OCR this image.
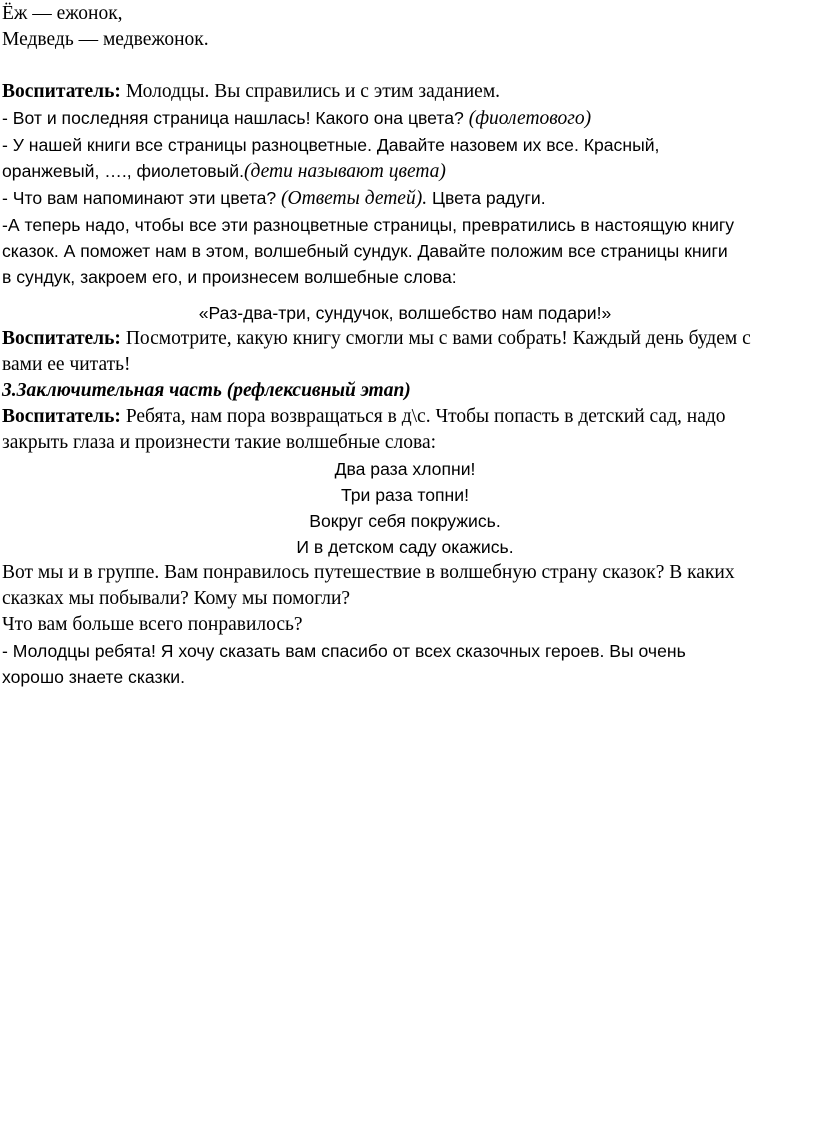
Ёж — ежонок,

Медведь — медвежонок.

Воспитатель: Молодцы. Вы справились и с этим заданием.

- Вот и последняя страница нашлась! Какого она цвета? (фиолетового)

- У нашей книги все страницы разноцветные. Давайте назовем их все. Красный,

оранжевый, …., фиолетовый.(дети называют цвета)

- Что вам напоминают эти цвета? (Ответы детей). Цвета радуги.

-А теперь надо, чтобы все эти разноцветные страницы, превратились в настоящую книгу

сказок. А поможет нам в этом, волшебный сундук. Давайте положим все страницы книги

в сундук, закроем его, и произнесем волшебные слова:

«Раз-два-три, сундучок, волшебство нам подари!»

Воспитатель: Посмотрите, какую книгу смогли мы с вами собрать! Каждый день будем с

вами ее читать!

3.Заключительная часть (рефлексивный этап)

Воспитатель: Ребята, нам пора возвращаться в д\с. Чтобы попасть в детский сад, надо

закрыть глаза и произнести такие волшебные слова:

Два раза хлопни!

Три раза топни!

Вокруг себя покружись.

И в детском саду окажись.

Вот мы и в группе. Вам понравилось путешествие в волшебную страну сказок? В каких

сказках мы побывали? Кому мы помогли?

Что вам больше всего понравилось?

- Молодцы ребята! Я хочу сказать вам спасибо от всех сказочных героев. Вы очень

хорошо знаете сказки.
